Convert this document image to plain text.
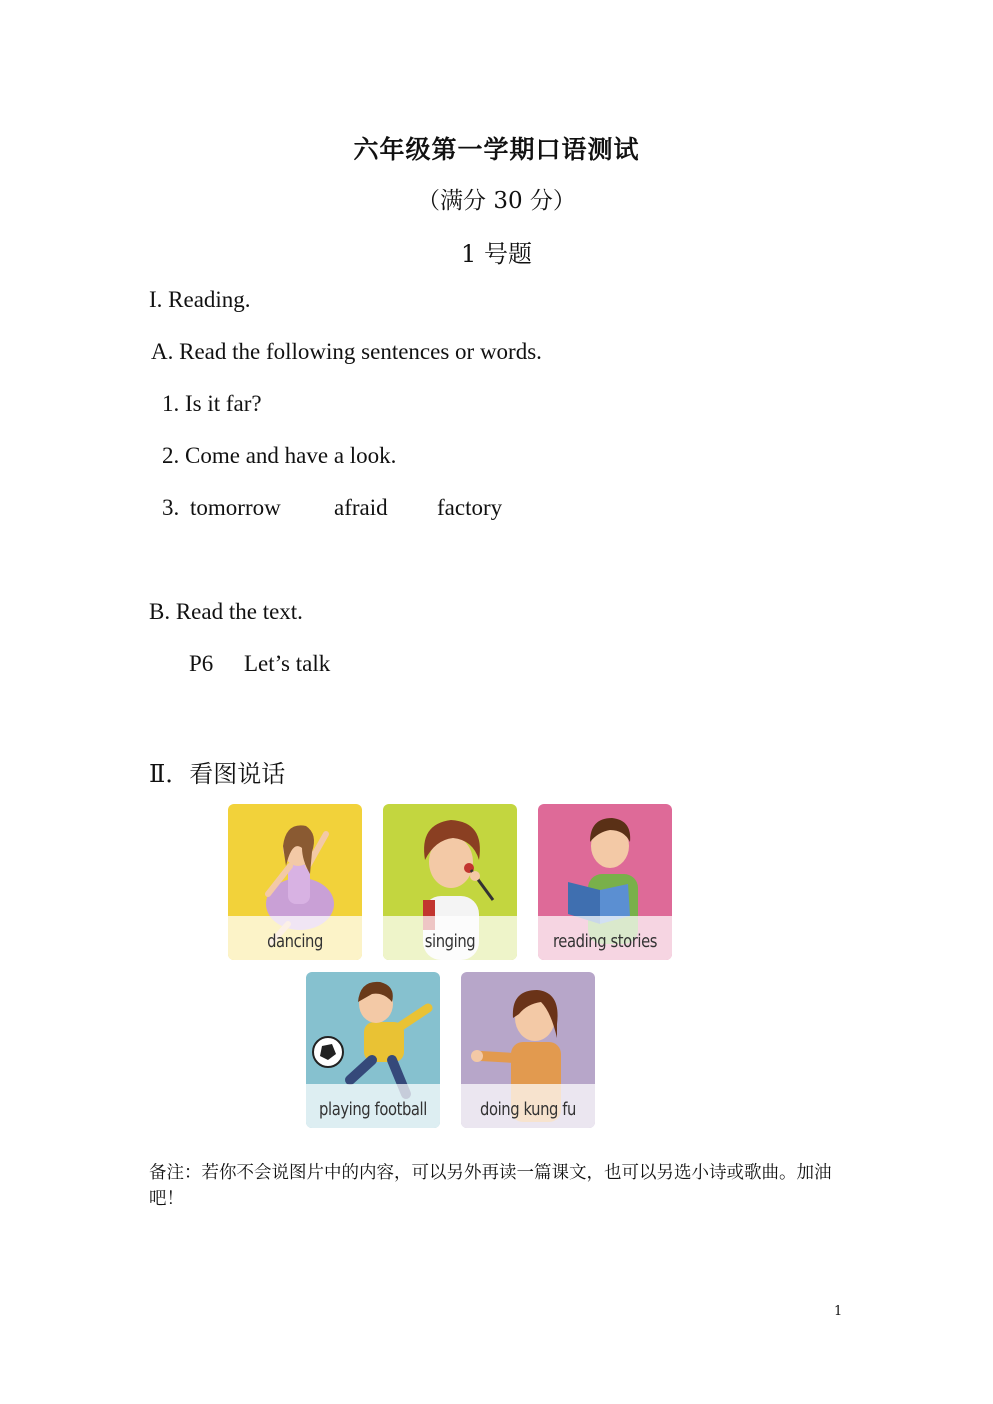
六年级第一学期口语测试
（满分 30 分）
1 号题
I. Reading.
A. Read the following sentences or words.
1. Is it far?
2. Come and have a look.
3. tomorrow afraid factory
B. Read the text.
P6 Let’s talk
Ⅱ．看图说话
dancing	singing	reading stories
playing football	doing kung fu
备注：若你不会说图片中的内容，可以另外再读一篇课文，也可以另选小诗或歌曲。加油吧！
1
